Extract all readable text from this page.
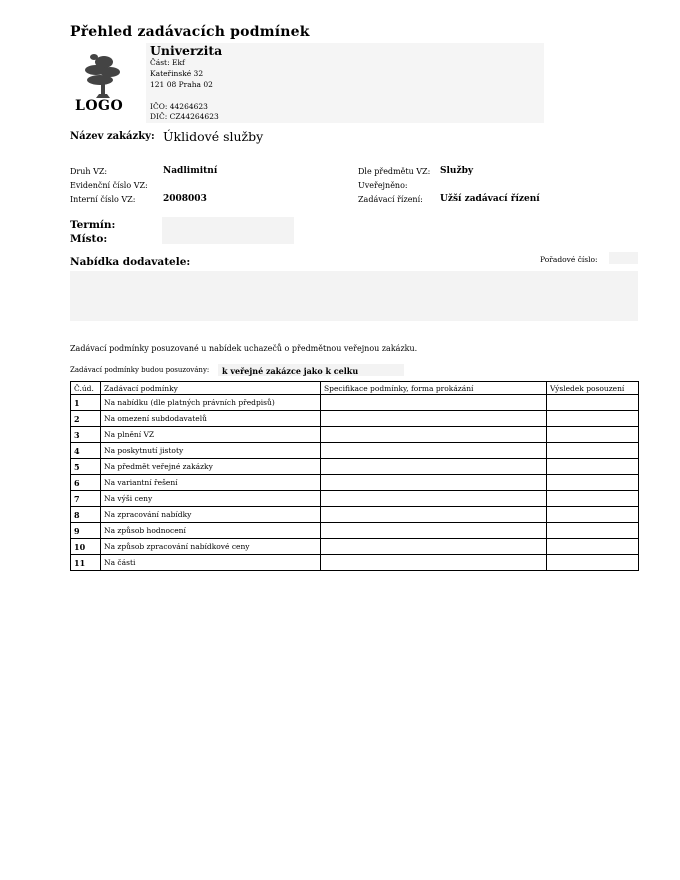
Přehled zadávacích podmínek
LOGO
Univerzita
Část: Ekf
Kateřinské 32
121 08 Praha 02
IČO: 44264623
DIČ: CZ44264623
Název zakázky: Úklidové služby
Druh VZ:	Nadlimitní
Evidenční číslo VZ:
Interní číslo VZ:	2008003
Dle předmětu VZ: Služby
Uveřejněno:
Zadávací řízení: Užší zadávací řízení
Termín:
Místo:
Nabídka dodavatele:	Pořadové číslo:
Zadávací podmínky posuzované u nabídek uchazečů o předmětnou veřejnou zakázku.
Zadávací podmínky budou posuzovány: k veřejné zakázce jako k celku
Č.úd.	Zadávací podmínky	Specifikace podmínky, forma prokázání	Výsledek posouzení
1	Na nabídku (dle platných právních předpisů)		
2	Na omezení subdodavatelů		
3	Na plnění VZ		
4	Na poskytnutí jistoty		
5	Na předmět veřejné zakázky		
6	Na variantní řešení		
7	Na výši ceny		
8	Na zpracování nabídky		
9	Na způsob hodnocení		
10	Na způsob zpracování nabídkové ceny		
11	Na části		
